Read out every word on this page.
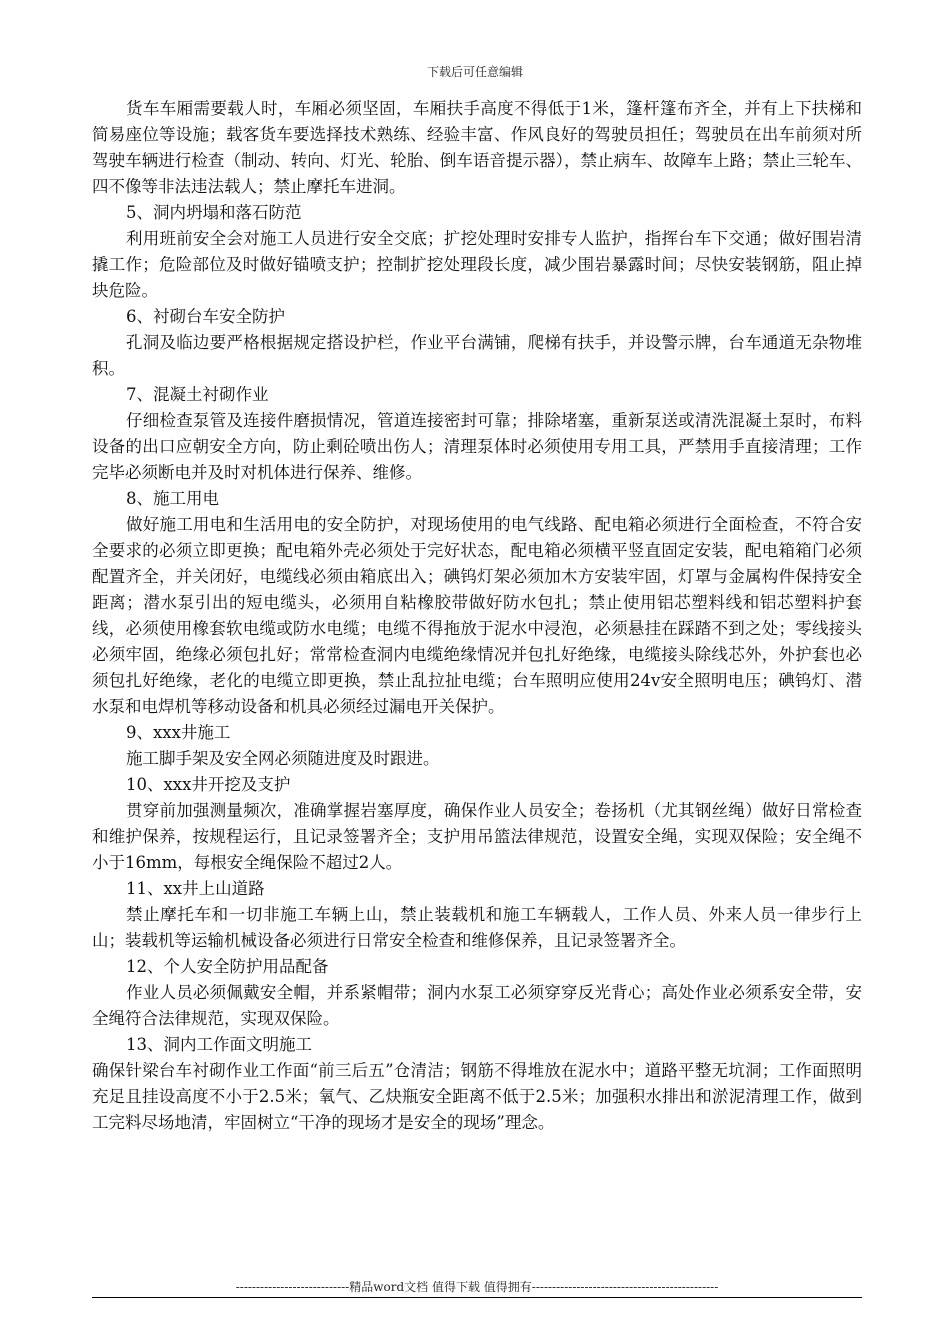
下载后可任意编辑

货车车厢需要载人时，车厢必须坚固，车厢扶手高度不得低于1米，篷杆篷布齐全，并有上下扶梯和简易座位等设施；载客货车要选择技术熟练、经验丰富、作风良好的驾驶员担任；驾驶员在出车前须对所驾驶车辆进行检查（制动、转向、灯光、轮胎、倒车语音提示器），禁止病车、故障车上路；禁止三轮车、四不像等非法违法载人；禁止摩托车进洞。

5、洞内坍塌和落石防范

利用班前安全会对施工人员进行安全交底；扩挖处理时安排专人监护，指挥台车下交通；做好围岩清撬工作；危险部位及时做好锚喷支护；控制扩挖处理段长度，减少围岩暴露时间；尽快安装钢筋，阻止掉块危险。

6、衬砌台车安全防护

孔洞及临边要严格根据规定搭设护栏，作业平台满铺，爬梯有扶手，并设警示牌，台车通道无杂物堆积。

7、混凝土衬砌作业

仔细检查泵管及连接件磨损情况，管道连接密封可靠；排除堵塞，重新泵送或清洗混凝土泵时，布料设备的出口应朝安全方向，防止剩砼喷出伤人；清理泵体时必须使用专用工具，严禁用手直接清理；工作完毕必须断电并及时对机体进行保养、维修。

8、施工用电

做好施工用电和生活用电的安全防护，对现场使用的电气线路、配电箱必须进行全面检查，不符合安全要求的必须立即更换；配电箱外壳必须处于完好状态，配电箱必须横平竖直固定安装，配电箱箱门必须配置齐全，并关闭好，电缆线必须由箱底出入；碘钨灯架必须加木方安装牢固，灯罩与金属构件保持安全距离；潜水泵引出的短电缆头，必须用自粘橡胶带做好防水包扎；禁止使用铝芯塑料线和铝芯塑料护套线，必须使用橡套软电缆或防水电缆；电缆不得拖放于泥水中浸泡，必须悬挂在踩踏不到之处；零线接头必须牢固，绝缘必须包扎好；常常检查洞内电缆绝缘情况并包扎好绝缘，电缆接头除线芯外，外护套也必须包扎好绝缘，老化的电缆立即更换，禁止乱拉扯电缆；台车照明应使用24v安全照明电压；碘钨灯、潜水泵和电焊机等移动设备和机具必须经过漏电开关保护。

9、xxx井施工

施工脚手架及安全网必须随进度及时跟进。

10、xxx井开挖及支护

贯穿前加强测量频次，准确掌握岩塞厚度，确保作业人员安全；卷扬机（尤其钢丝绳）做好日常检查和维护保养，按规程运行，且记录签署齐全；支护用吊篮法律规范，设置安全绳，实现双保险；安全绳不小于16mm，每根安全绳保险不超过2人。

11、xx井上山道路

禁止摩托车和一切非施工车辆上山，禁止装载机和施工车辆载人，工作人员、外来人员一律步行上山；装载机等运输机械设备必须进行日常安全检查和维修保养，且记录签署齐全。

12、个人安全防护用品配备

作业人员必须佩戴安全帽，并系紧帽带；洞内水泵工必须穿穿反光背心；高处作业必须系安全带，安全绳符合法律规范，实现双保险。

13、洞内工作面文明施工

确保针梁台车衬砌作业工作面“前三后五”仓清洁；钢筋不得堆放在泥水中；道路平整无坑洞；工作面照明充足且挂设高度不小于2.5米；氧气、乙炔瓶安全距离不低于2.5米；加强积水排出和淤泥清理工作，做到工完料尽场地清，牢固树立“干净的现场才是安全的现场”理念。

----------------------------精品word文档 值得下载 值得拥有----------------------------------------------
